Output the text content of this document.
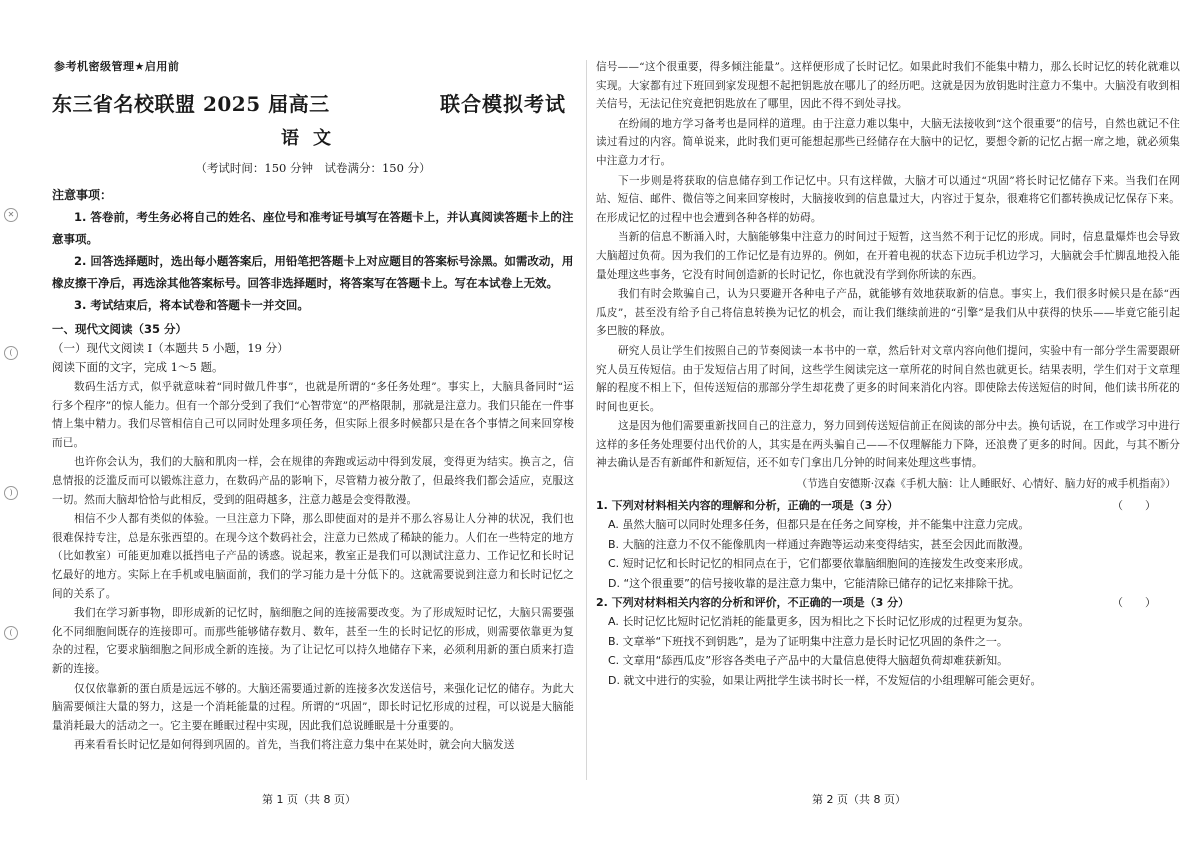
✕
(
)
(
参考机密级管理★启用前
东三省名校联盟 2025 届高三	联合模拟考试
语文
（考试时间：150 分钟　试卷满分：150 分）
注意事项：

1. 答卷前，考生务必将自己的姓名、座位号和准考证号填写在答题卡上，并认真阅读答题卡上的注意事项。

2. 回答选择题时，选出每小题答案后，用铅笔把答题卡上对应题目的答案标号涂黑。如需改动，用橡皮擦干净后，再选涂其他答案标号。回答非选择题时，将答案写在答题卡上。写在本试卷上无效。

3. 考试结束后，将本试卷和答题卡一并交回。

一、现代文阅读（35 分）
（一）现代文阅读 Ⅰ（本题共 5 小题，19 分）
阅读下面的文字，完成 1～5 题。

数码生活方式，似乎就意味着“同时做几件事”，也就是所谓的“多任务处理”。事实上，大脑具备同时“运行多个程序”的惊人能力。但有一个部分受到了我们“心智带宽”的严格限制，那就是注意力。我们只能在一件事情上集中精力。我们尽管相信自己可以同时处理多项任务，但实际上很多时候都只是在各个事情之间来回穿梭而已。

也许你会认为，我们的大脑和肌肉一样，会在规律的奔跑或运动中得到发展，变得更为结实。换言之，信息情报的泛滥反而可以锻炼注意力，在数码产品的影响下，尽管精力被分散了，但最终我们都会适应，克服这一切。然而大脑却恰恰与此相反，受到的阻碍越多，注意力越是会变得散漫。

相信不少人都有类似的体验。一旦注意力下降，那么即使面对的是并不那么容易让人分神的状况，我们也很难保持专注，总是东张西望的。在现今这个数码社会，注意力已然成了稀缺的能力。人们在一些特定的地方（比如教室）可能更加难以抵挡电子产品的诱惑。说起来，教室正是我们可以测试注意力、工作记忆和长时记忆最好的地方。实际上在手机或电脑面前，我们的学习能力是十分低下的。这就需要说到注意力和长时记忆之间的关系了。

我们在学习新事物，即形成新的记忆时，脑细胞之间的连接需要改变。为了形成短时记忆，大脑只需要强化不同细胞间既存的连接即可。而那些能够储存数月、数年，甚至一生的长时记忆的形成，则需要依靠更为复杂的过程，它要求脑细胞之间形成全新的连接。为了让记忆可以持久地储存下来，必须利用新的蛋白质来打造新的连接。

仅仅依靠新的蛋白质是远远不够的。大脑还需要通过新的连接多次发送信号，来强化记忆的储存。为此大脑需要倾注大量的努力，这是一个消耗能量的过程。所谓的“巩固”，即长时记忆形成的过程，可以说是大脑能量消耗最大的活动之一。它主要在睡眠过程中实现，因此我们总说睡眠是十分重要的。

再来看看长时记忆是如何得到巩固的。首先，当我们将注意力集中在某处时，就会向大脑发送

信号——“这个很重要，得多倾注能量”。这样便形成了长时记忆。如果此时我们不能集中精力，那么长时记忆的转化就难以实现。大家都有过下班回到家发现想不起把钥匙放在哪儿了的经历吧。这就是因为放钥匙时注意力不集中。大脑没有收到相关信号，无法记住究竟把钥匙放在了哪里，因此不得不到处寻找。

在纷闹的地方学习备考也是同样的道理。由于注意力难以集中，大脑无法接收到“这个很重要”的信号，自然也就记不住读过看过的内容。简单说来，此时我们更可能想起那些已经储存在大脑中的记忆，要想令新的记忆占据一席之地，就必须集中注意力才行。

下一步则是将获取的信息储存到工作记忆中。只有这样做，大脑才可以通过“巩固”将长时记忆储存下来。当我们在网站、短信、邮件、微信等之间来回穿梭时，大脑接收到的信息量过大，内容过于复杂，很难将它们都转换成记忆保存下来。在形成记忆的过程中也会遭到各种各样的妨碍。

当新的信息不断涌入时，大脑能够集中注意力的时间过于短暂，这当然不利于记忆的形成。同时，信息量爆炸也会导致大脑超过负荷。因为我们的工作记忆是有边界的。例如，在开着电视的状态下边玩手机边学习，大脑就会手忙脚乱地投入能量处理这些事务，它没有时间创造新的长时记忆，你也就没有学到你所读的东西。

我们有时会欺骗自己，认为只要避开各种电子产品，就能够有效地获取新的信息。事实上，我们很多时候只是在舔“西瓜皮”，甚至没有给予自己将信息转换为记忆的机会，而让我们继续前进的“引擎”是我们从中获得的快乐——毕竟它能引起多巴胺的释放。

研究人员让学生们按照自己的节奏阅读一本书中的一章，然后针对文章内容向他们提问，实验中有一部分学生需要跟研究人员互传短信。由于发短信占用了时间，这些学生阅读完这一章所花的时间自然也就更长。结果表明，学生们对于文章理解的程度不相上下，但传送短信的那部分学生却花费了更多的时间来消化内容。即使除去传送短信的时间，他们读书所花的时间也更长。

这是因为他们需要重新找回自己的注意力，努力回到传送短信前正在阅读的部分中去。换句话说，在工作或学习中进行这样的多任务处理要付出代价的人，其实是在两头骗自己——不仅理解能力下降，还浪费了更多的时间。因此，与其不断分神去确认是否有新邮件和新短信，还不如专门拿出几分钟的时间来处理这些事情。

（节选自安德斯·汉森《手机大脑：让人睡眠好、心情好、脑力好的戒手机指南》）
1. 下列对材料相关内容的理解和分析，正确的一项是（3 分）	（　　）
A. 虽然大脑可以同时处理多任务，但都只是在任务之间穿梭，并不能集中注意力完成。
B. 大脑的注意力不仅不能像肌肉一样通过奔跑等运动来变得结实，甚至会因此而散漫。
C. 短时记忆和长时记忆的相同点在于，它们都要依靠脑细胞间的连接发生改变来形成。
D. “这个很重要”的信号接收靠的是注意力集中，它能清除已储存的记忆来排除干扰。
2. 下列对材料相关内容的分析和评价，不正确的一项是（3 分）	（　　）
A. 长时记忆比短时记忆消耗的能量更多，因为相比之下长时记忆形成的过程更为复杂。
B. 文章举“下班找不到钥匙”，是为了证明集中注意力是长时记忆巩固的条件之一。
C. 文章用“舔西瓜皮”形容各类电子产品中的大量信息使得大脑超负荷却难获新知。
D. 就文中进行的实验，如果让两批学生读书时长一样，不发短信的小组理解可能会更好。
第 1 页（共 8 页）	第 2 页（共 8 页）
